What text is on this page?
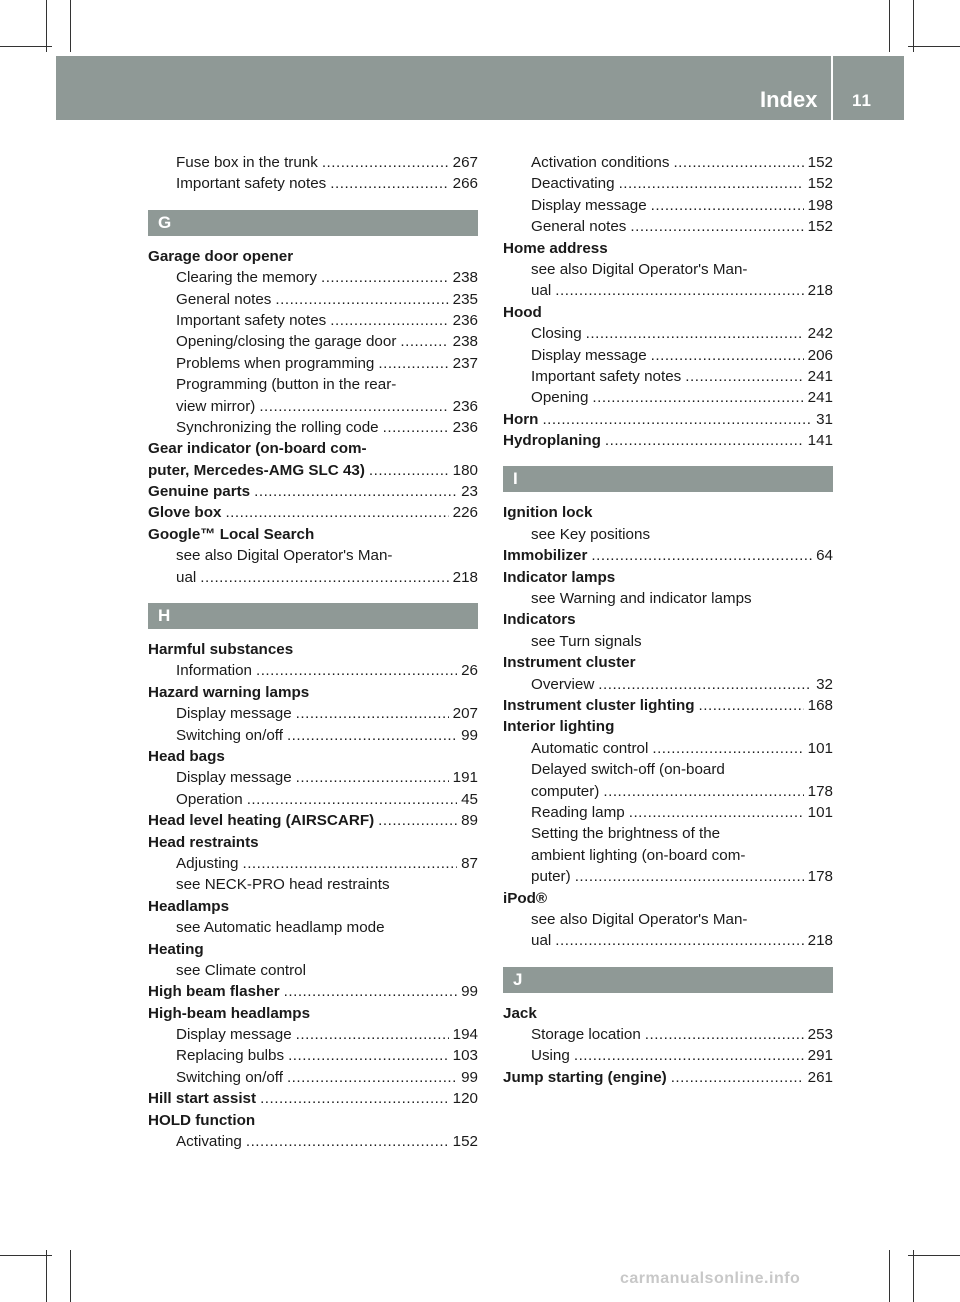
Index 11
Fuse box in the trunk .....	267
Important safety notes .....	266
G
Garage door opener
Clearing the memory .....	238
General notes .....	235
Important safety notes .....	236
Opening/closing the garage door .....	238
Problems when programming .....	237
Programming (button in the rear-
view mirror) .....	236
Synchronizing the rolling code .....	236
Gear indicator (on-board com-
puter, Mercedes-AMG SLC 43) .....	180
Genuine parts .....	23
Glove box .....	226
Google™ Local Search
see also Digital Operator's Man-
ual .....	218
H
Harmful substances
Information .....	26
Hazard warning lamps
Display message .....	207
Switching on/off .....	99
Head bags
Display message .....	191
Operation .....	45
Head level heating (AIRSCARF) .....	89
Head restraints
Adjusting .....	87
see NECK-PRO head restraints
Headlamps
see Automatic headlamp mode
Heating
see Climate control
High beam flasher .....	99
High-beam headlamps
Display message .....	194
Replacing bulbs .....	103
Switching on/off .....	99
Hill start assist .....	120
HOLD function
Activating .....	152
Activation conditions .....	152
Deactivating .....	152
Display message .....	198
General notes .....	152
Home address
see also Digital Operator's Man-
ual .....	218
Hood
Closing .....	242
Display message .....	206
Important safety notes .....	241
Opening .....	241
Horn .....	31
Hydroplaning .....	141
I
Ignition lock
see Key positions
Immobilizer .....	64
Indicator lamps
see Warning and indicator lamps
Indicators
see Turn signals
Instrument cluster
Overview .....	32
Instrument cluster lighting .....	168
Interior lighting
Automatic control .....	101
Delayed switch-off (on-board
computer) .....	178
Reading lamp .....	101
Setting the brightness of the
ambient lighting (on-board com-
puter) .....	178
iPod®
see also Digital Operator's Man-
ual .....	218
J
Jack
Storage location .....	253
Using .....	291
Jump starting (engine) .....	261
carmanualsonline.info
